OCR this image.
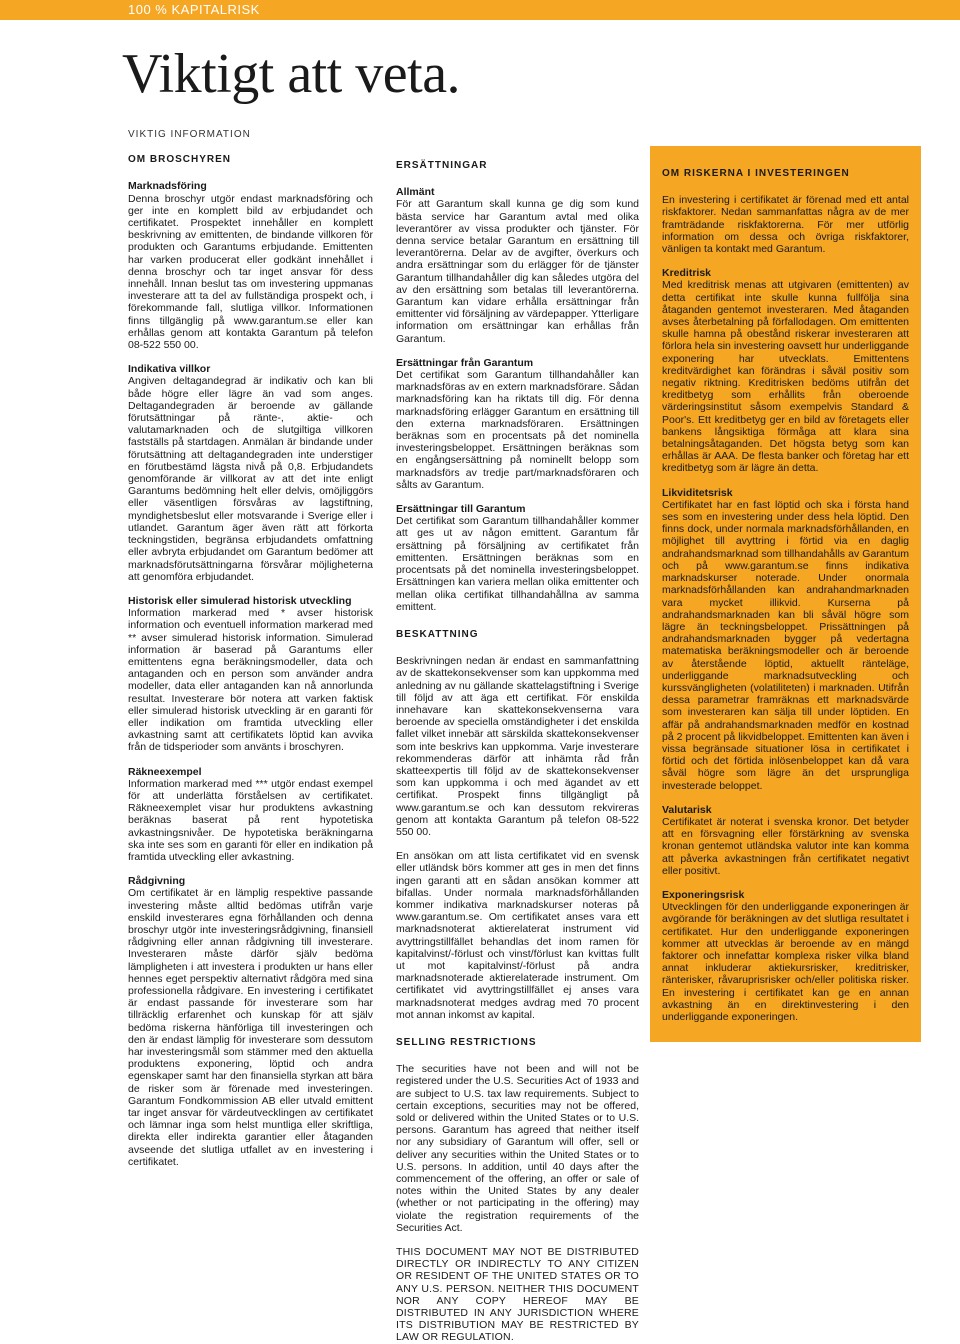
100 % KAPITALRISK
Viktigt att veta.
VIKTIG INFORMATION
OM BROSCHYREN
Marknadsföring

Denna broschyr utgör endast marknadsföring och ger inte en komplett bild av erbjudandet och certifikatet. Prospektet innehåller en komplett beskrivning av emittenten, de bindande villkoren för produkten och Garantums erbjudande. Emittenten har varken producerat eller godkänt innehållet i denna broschyr och tar inget ansvar för dess innehåll. Innan beslut tas om investering uppmanas investerare att ta del av fullständiga prospekt och, i förekommande fall, slutliga villkor. Informationen finns tillgänglig på www.garantum.se eller kan erhållas genom att kontakta Garantum på telefon 08-522 550 00.

Indikativa villkor

Angiven deltagandegrad är indikativ och kan bli både högre eller lägre än vad som anges. Deltagandegraden är beroende av gällande förutsättningar på ränte-, aktie- och valutamarknaden och de slutgiltiga villkoren fastställs på startdagen. Anmälan är bindande under förutsättning att deltagandegraden inte understiger en förutbestämd lägsta nivå på 0,8. Erbjudandets genomförande är villkorat av att det inte enligt Garantums bedömning helt eller delvis, omöjliggörs eller väsentligen försvåras av lagstiftning, myndighetsbeslut eller motsvarande i Sverige eller i utlandet. Garantum äger även rätt att förkorta teckningstiden, begränsa erbjudandets omfattning eller avbryta erbjudandet om Garantum bedömer att marknadsförutsättningarna försvårar möjligheterna att genomföra erbjudandet.

Historisk eller simulerad historisk utveckling

Information markerad med * avser historisk information och eventuell information markerad med ** avser simulerad historisk information. Simulerad information är baserad på Garantums eller emittentens egna beräkningsmodeller, data och antaganden och en person som använder andra modeller, data eller antaganden kan nå annorlunda resultat. Investerare bör notera att varken faktisk eller simulerad historisk utveckling är en garanti för eller indikation om framtida utveckling eller avkastning samt att certifikatets löptid kan avvika från de tidsperioder som använts i broschyren.

Räkneexempel

Information markerad med *** utgör endast exempel för att underlätta förståelsen av certifikatet. Räkneexemplet visar hur produktens avkastning beräknas baserat på rent hypotetiska avkastningsnivåer. De hypotetiska beräkningarna ska inte ses som en garanti för eller en indikation på framtida utveckling eller avkastning.

Rådgivning

Om certifikatet är en lämplig respektive passande investering måste alltid bedömas utifrån varje enskild investerares egna förhållanden och denna broschyr utgör inte investeringsrådgivning, finansiell rådgivning eller annan rådgivning till investerare. Investeraren måste därför själv bedöma lämpligheten i att investera i produkten ur hans eller hennes eget perspektiv alternativt rådgöra med sina professionella rådgivare. En investering i certifikatet är endast passande för investerare som har tillräcklig erfarenhet och kunskap för att själv bedöma riskerna hänförliga till investeringen och den är endast lämplig för investerare som dessutom har investeringsmål som stämmer med den aktuella produktens exponering, löptid och andra egenskaper samt har den finansiella styrkan att bära de risker som är förenade med investeringen. Garantum Fondkommission AB eller utvald emittent tar inget ansvar för värdeutvecklingen av certifikatet och lämnar inga som helst muntliga eller skriftliga, direkta eller indirekta garantier eller åtaganden avseende det slutliga utfallet av en investering i certifikatet.

ERSÄTTNINGAR
Allmänt

För att Garantum skall kunna ge dig som kund bästa service har Garantum avtal med olika leverantörer av vissa produkter och tjänster. För denna service betalar Garantum en ersättning till leverantörerna. Delar av de avgifter, överkurs och andra ersättningar som du erlägger för de tjänster Garantum tillhandahåller dig kan således utgöra del av den ersättning som betalas till leverantörerna. Garantum kan vidare erhålla ersättningar från emittenter vid försäljning av värdepapper. Ytterligare information om ersättningar kan erhållas från Garantum.

Ersättningar från Garantum

Det certifikat som Garantum tillhandahåller kan marknadsföras av en extern marknadsförare. Sådan marknadsföring kan ha riktats till dig. För denna marknadsföring erlägger Garantum en ersättning till den externa marknadsföraren. Ersättningen beräknas som en procentsats på det nominella investeringsbeloppet. Ersättningen beräknas som en engångsersättning på nominellt belopp som marknadsförs av tredje part/marknadsföraren och sålts av Garantum.

Ersättningar till Garantum

Det certifikat som Garantum tillhandahåller kommer att ges ut av någon emittent. Garantum får ersättning på försäljning av certifikatet från emittenten. Ersättningen beräknas som en procentsats på det nominella investeringsbeloppet. Ersättningen kan variera mellan olika emittenter och mellan olika certifikat tillhandahållna av samma emittent.

BESKATTNING

Beskrivningen nedan är endast en sammanfattning av de skattekonsekvenser som kan uppkomma med anledning av nu gällande skattelagstiftning i Sverige till följd av att äga ett certifikat. För enskilda innehavare kan skattekonsekvenserna vara beroende av speciella omständigheter i det enskilda fallet vilket innebär att särskilda skattekonsekvenser som inte beskrivs kan uppkomma. Varje investerare rekommenderas därför att inhämta råd från skatteexpertis till följd av de skattekonsekvenser som kan uppkomma i och med ägandet av ett certifikat. Prospekt finns tillgängligt på www.garantum.se och kan dessutom rekvireras genom att kontakta Garantum på telefon 08-522 550 00.

En ansökan om att lista certifikatet vid en svensk eller utländsk börs kommer att ges in men det finns ingen garanti att en sådan ansökan kommer att bifallas. Under normala marknadsförhållanden kommer indikativa marknadskurser noteras på www.garantum.se. Om certifikatet anses vara ett marknadsnoterat aktierelaterat instrument vid avyttringstillfället behandlas det inom ramen för kapitalvinst/-förlust och vinst/förlust kan kvittas fullt ut mot kapitalvinst/-förlust på andra marknadsnoterade aktierelaterade instrument. Om certifikatet vid avyttringstillfället ej anses vara marknadsnoterat medges avdrag med 70 procent mot annan inkomst av kapital.

SELLING RESTRICTIONS

The securities have not been and will not be registered under the U.S. Securities Act of 1933 and are subject to U.S. tax law requirements. Subject to certain exceptions, securities may not be offered, sold or delivered within the United States or to U.S. persons. Garantum has agreed that neither itself nor any subsidiary of Garantum will offer, sell or deliver any securities within the United States or to U.S. persons. In addition, until 40 days after the commencement of the offering, an offer or sale of notes within the United States by any dealer (whether or not participating in the offering) may violate the registration requirements of the Securities Act.

THIS DOCUMENT MAY NOT BE DISTRIBUTED DIRECTLY OR INDIRECTLY TO ANY CITIZEN OR RESIDENT OF THE UNITED STATES OR TO ANY U.S. PERSON. NEITHER THIS DOCUMENT NOR ANY COPY HEREOF MAY BE DISTRIBUTED IN ANY JURISDICTION WHERE ITS DISTRIBUTION MAY BE RESTRICTED BY LAW OR REGULATION.

OM RISKERNA I INVESTERINGEN

En investering i certifikatet är förenad med ett antal riskfaktorer. Nedan sammanfattas några av de mer framträdande riskfaktorerna. För mer utförlig information om dessa och övriga riskfaktorer, vänligen ta kontakt med Garantum.

Kreditrisk

Med kreditrisk menas att utgivaren (emittenten) av detta certifikat inte skulle kunna fullfölja sina åtaganden gentemot investeraren. Med åtaganden avses återbetalning på förfallodagen. Om emittenten skulle hamna på obestånd riskerar investeraren att förlora hela sin investering oavsett hur underliggande exponering har utvecklats. Emittentens kreditvärdighet kan förändras i såväl positiv som negativ riktning. Kreditrisken bedöms utifrån det kreditbetyg som erhållits från oberoende värderingsinstitut såsom exempelvis Standard & Poor's. Ett kreditbetyg ger en bild av företagets eller bankens långsiktiga förmåga att klara sina betalningsåtaganden. Det högsta betyg som kan erhållas är AAA. De flesta banker och företag har ett kreditbetyg som är lägre än detta.

Likviditetsrisk

Certifikatet har en fast löptid och ska i första hand ses som en investering under dess hela löptid. Den finns dock, under normala marknadsförhållanden, en möjlighet till avyttring i förtid via en daglig andrahandsmarknad som tillhandahålls av Garantum och på www.garantum.se finns indikativa marknadskurser noterade. Under onormala marknadsförhållanden kan andrahandmarknaden vara mycket illikvid. Kurserna på andrahandsmarknaden kan bli såväl högre som lägre än teckningsbeloppet. Prissättningen på andrahandsmarknaden bygger på vedertagna matematiska beräkningsmodeller och är beroende av återstående löptid, aktuellt ränteläge, underliggande marknadsutveckling och kurssvängligheten (volatiliteten) i marknaden. Utifrån dessa parametrar framräknas ett marknadsvärde som investeraren kan sälja till under löptiden. En affär på andrahandsmarknaden medför en kostnad på 2 procent på likvidbeloppet. Emittenten kan även i vissa begränsade situationer lösa in certifikatet i förtid och det förtida inlösenbeloppet kan då vara såväl högre som lägre än det ursprungliga investerade beloppet.

Valutarisk

Certifikatet är noterat i svenska kronor. Det betyder att en försvagning eller förstärkning av svenska kronan gentemot utländska valutor inte kan komma att påverka avkastningen från certifikatet negativt eller positivt.

Exponeringsrisk

Utvecklingen för den underliggande exponeringen är avgörande för beräkningen av det slutliga resultatet i certifikatet. Hur den underliggande exponeringen kommer att utvecklas är beroende av en mängd faktorer och innefattar komplexa risker vilka bland annat inkluderar aktiekursrisker, kreditrisker, ränterisker, råvaruprisrisker och/eller politiska risker. En investering i certifikatet kan ge en annan avkastning än en direktinvestering i den underliggande exponeringen.
